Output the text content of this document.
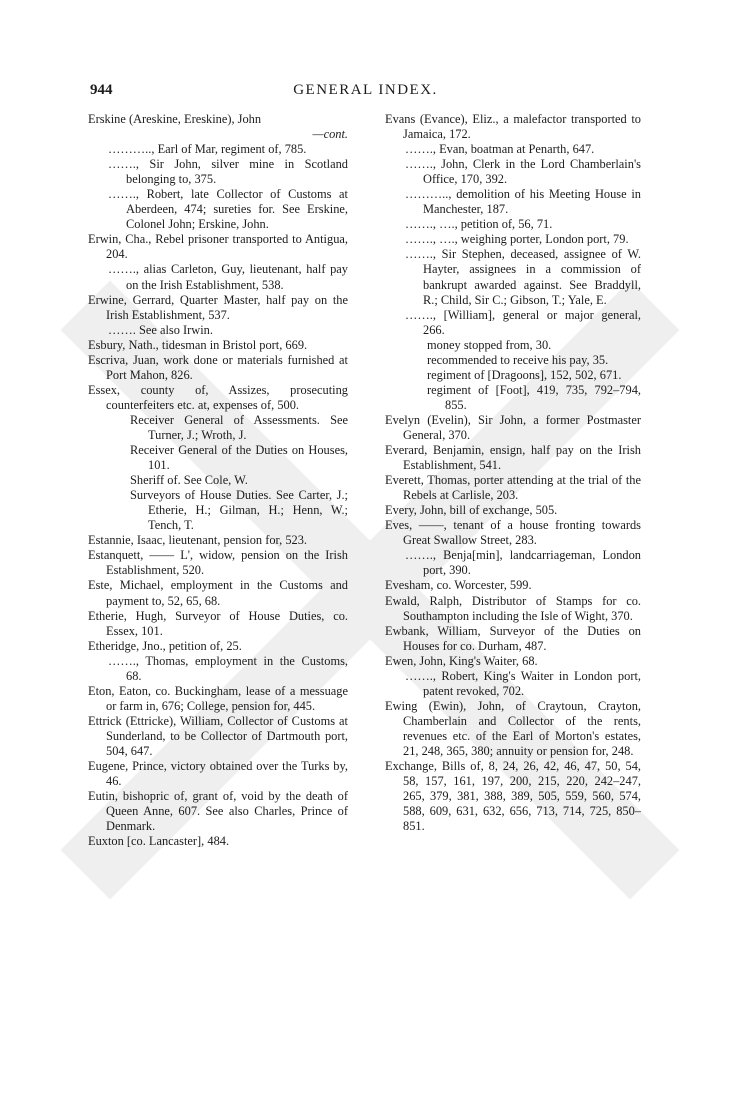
944	GENERAL INDEX.
Erskine (Areskine, Ereskine), John
—cont.
……….., Earl of Mar, regiment of, 785.
……., Sir John, silver mine in Scotland belonging to, 375.
……., Robert, late Collector of Customs at Aberdeen, 474; sureties for. See Erskine, Colonel John; Erskine, John.
Erwin, Cha., Rebel prisoner transported to Antigua, 204.
……., alias Carleton, Guy, lieutenant, half pay on the Irish Establishment, 538.
Erwine, Gerrard, Quarter Master, half pay on the Irish Establishment, 537.
……. See also Irwin.
Esbury, Nath., tidesman in Bristol port, 669.
Escriva, Juan, work done or materials furnished at Port Mahon, 826.
Essex, county of, Assizes, prosecuting counterfeiters etc. at, expenses of, 500.
Receiver General of Assessments. See Turner, J.; Wroth, J.
Receiver General of the Duties on Houses, 101.
Sheriff of. See Cole, W.
Surveyors of House Duties. See Carter, J.; Etherie, H.; Gilman, H.; Henn, W.; Tench, T.
Estannie, Isaac, lieutenant, pension for, 523.
Estanquett, —— L', widow, pension on the Irish Establishment, 520.
Este, Michael, employment in the Customs and payment to, 52, 65, 68.
Etherie, Hugh, Surveyor of House Duties, co. Essex, 101.
Etheridge, Jno., petition of, 25.
……., Thomas, employment in the Customs, 68.
Eton, Eaton, co. Buckingham, lease of a messuage or farm in, 676; College, pension for, 445.
Ettrick (Ettricke), William, Collector of Customs at Sunderland, to be Collector of Dartmouth port, 504, 647.
Eugene, Prince, victory obtained over the Turks by, 46.
Eutin, bishopric of, grant of, void by the death of Queen Anne, 607. See also Charles, Prince of Denmark.
Euxton [co. Lancaster], 484.
Evans (Evance), Eliz., a malefactor transported to Jamaica, 172.
……., Evan, boatman at Penarth, 647.
……., John, Clerk in the Lord Chamberlain's Office, 170, 392.
……….., demolition of his Meeting House in Manchester, 187.
……., …., petition of, 56, 71.
……., …., weighing porter, London port, 79.
……., Sir Stephen, deceased, assignee of W. Hayter, assignees in a commission of bankrupt awarded against. See Braddyll, R.; Child, Sir C.; Gibson, T.; Yale, E.
……., [William], general or major general, 266.
money stopped from, 30.
recommended to receive his pay, 35.
regiment of [Dragoons], 152, 502, 671.
regiment of [Foot], 419, 735, 792–794, 855.
Evelyn (Evelin), Sir John, a former Postmaster General, 370.
Everard, Benjamin, ensign, half pay on the Irish Establishment, 541.
Everett, Thomas, porter attending at the trial of the Rebels at Carlisle, 203.
Every, John, bill of exchange, 505.
Eves, ——, tenant of a house fronting towards Great Swallow Street, 283.
……., Benja[min], landcarriageman, London port, 390.
Evesham, co. Worcester, 599.
Ewald, Ralph, Distributor of Stamps for co. Southampton including the Isle of Wight, 370.
Ewbank, William, Surveyor of the Duties on Houses for co. Durham, 487.
Ewen, John, King's Waiter, 68.
……., Robert, King's Waiter in London port, patent revoked, 702.
Ewing (Ewin), John, of Craytoun, Crayton, Chamberlain and Collector of the rents, revenues etc. of the Earl of Morton's estates, 21, 248, 365, 380; annuity or pension for, 248.
Exchange, Bills of, 8, 24, 26, 42, 46, 47, 50, 54, 58, 157, 161, 197, 200, 215, 220, 242–247, 265, 379, 381, 388, 389, 505, 559, 560, 574, 588, 609, 631, 632, 656, 713, 714, 725, 850–851.
